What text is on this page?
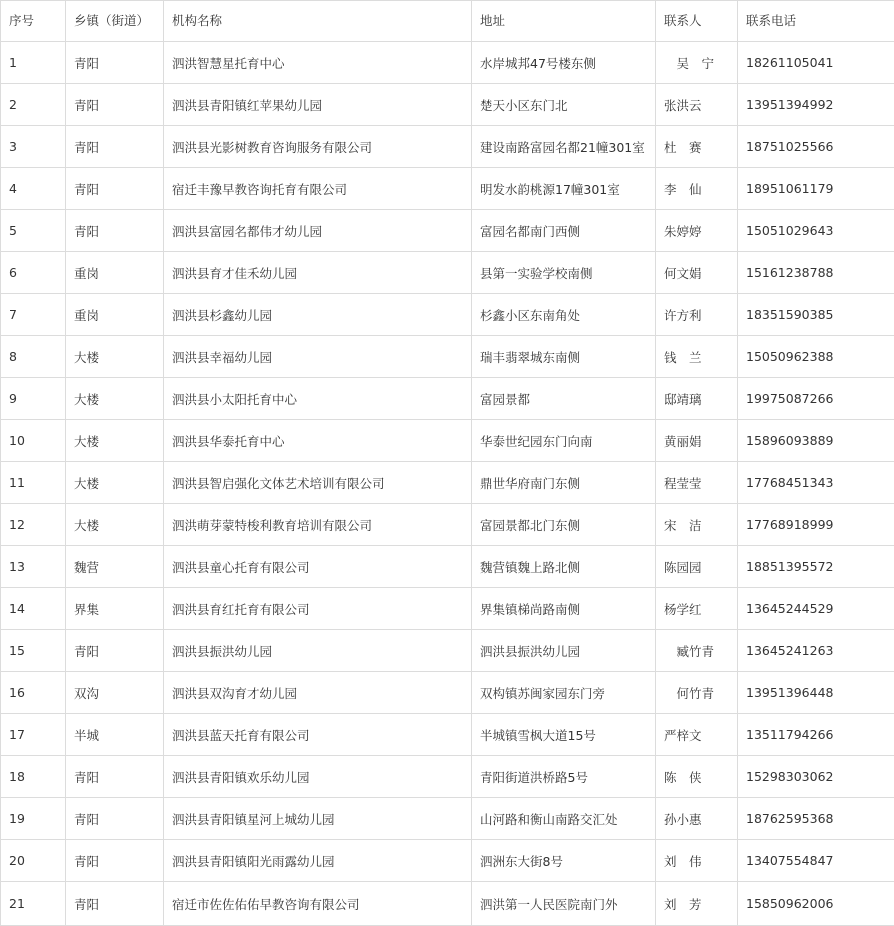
序号	乡镇（街道）	机构名称	地址	联系人	联系电话
1	青阳	泗洪智慧星托育中心	水岸城邦47号楼东侧	　吴　宁	18261105041
2	青阳	泗洪县青阳镇红苹果幼儿园	楚天小区东门北	张洪云	13951394992
3	青阳	泗洪县光影树教育咨询服务有限公司	建设南路富园名都21幢301室	杜　赛	18751025566
4	青阳	宿迁丰豫早教咨询托育有限公司	明发水韵桃源17幢301室	李　仙	18951061179
5	青阳	泗洪县富园名都伟才幼儿园	富园名都南门西侧	朱婷婷	15051029643
6	重岗	泗洪县育才佳禾幼儿园	县第一实验学校南侧	何文娟	15161238788
7	重岗	泗洪县杉鑫幼儿园	杉鑫小区东南角处	许方利	18351590385
8	大楼	泗洪县幸福幼儿园	瑞丰翡翠城东南侧	钱　兰	15050962388
9	大楼	泗洪县小太阳托育中心	富园景都	邸靖璃	19975087266
10	大楼	泗洪县华泰托育中心	华泰世纪园东门向南	黄丽娟	15896093889
11	大楼	泗洪县智启强化文体艺术培训有限公司	鼎世华府南门东侧	程莹莹	17768451343
12	大楼	泗洪萌芽蒙特梭利教育培训有限公司	富园景都北门东侧	宋　洁	17768918999
13	魏营	泗洪县童心托育有限公司	魏营镇魏上路北侧	陈园园	18851395572
14	界集	泗洪县育红托育有限公司	界集镇梯尚路南侧	杨学红	13645244529
15	青阳	泗洪县振洪幼儿园	泗洪县振洪幼儿园	　臧竹青	13645241263
16	双沟	泗洪县双沟育才幼儿园	双构镇苏闽家园东门旁	　何竹青	13951396448
17	半城	泗洪县蓝天托育有限公司	半城镇雪枫大道15号	严梓文	13511794266
18	青阳	泗洪县青阳镇欢乐幼儿园	青阳街道洪桥路5号	陈　侠	15298303062
19	青阳	泗洪县青阳镇星河上城幼儿园	山河路和衡山南路交汇处	孙小惠	18762595368
20	青阳	泗洪县青阳镇阳光雨露幼儿园	泗洲东大街8号	刘　伟	13407554847
21	青阳	宿迁市佐佐佑佑早教咨询有限公司	泗洪第一人民医院南门外	刘　芳	15850962006
